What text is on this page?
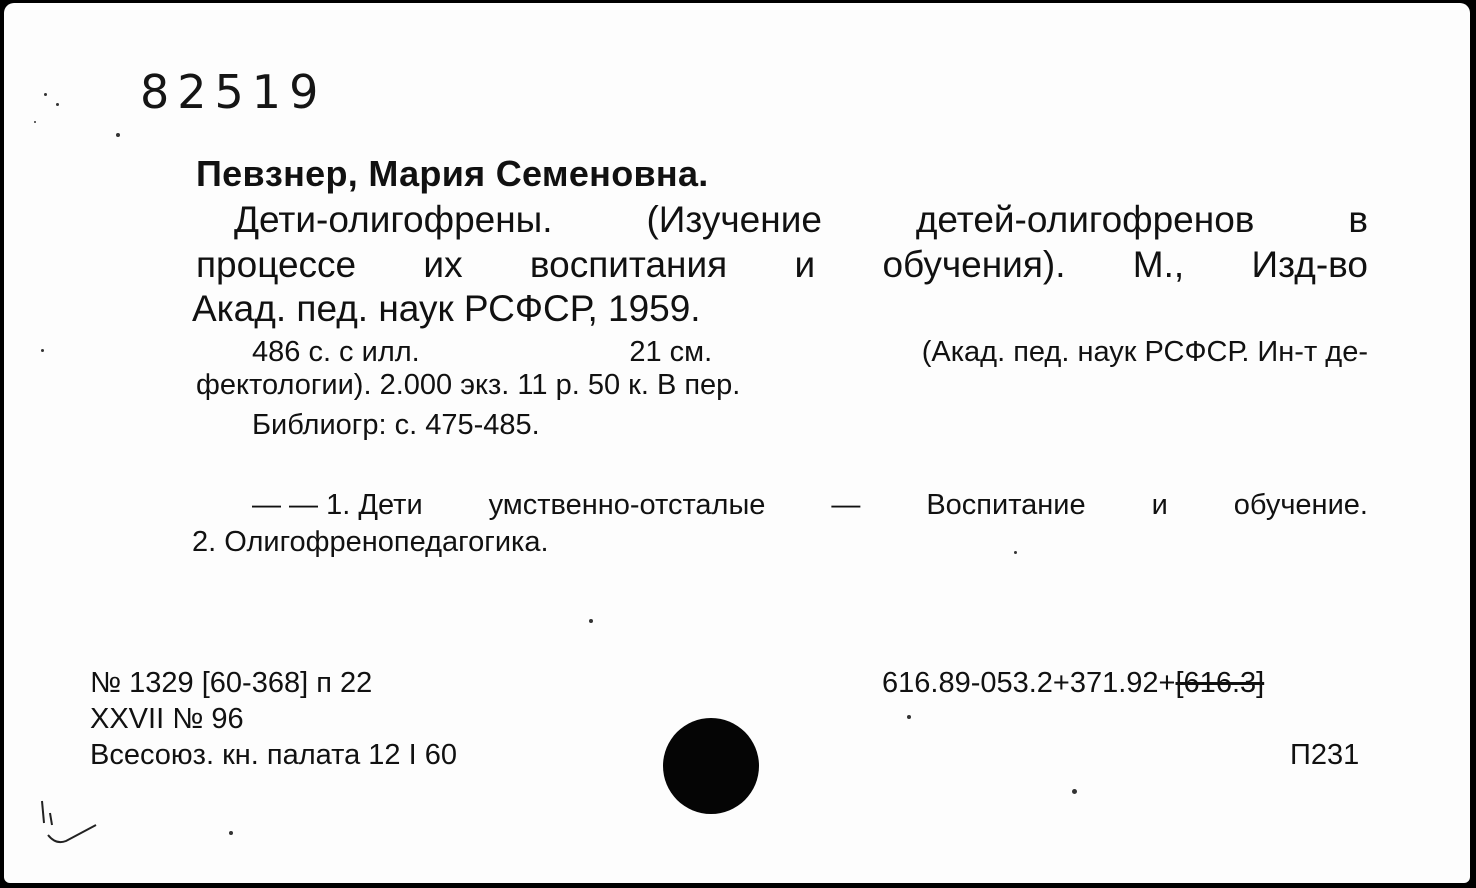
82519
Певзнер, Мария Семеновна.
Дети-олигофрены.	(Изучение	детей-олигофренов	в
процессе их воспитания и обучения). М., Изд-во
Акад. пед. наук РСФСР, 1959.
486 с. с илл.	21 см.	(Акад. пед. наук РСФСР. Ин-т де-
фектологии). 2.000 экз. 11 р. 50 к. В пер.
Библиогр: с. 475-485.
— — 1. Дети умственно-отсталые — Воспитание и обучение.
2. Олигофренопедагогика.
№ 1329 [60-368] п 22
XXVII № 96
Всесоюз. кн. палата 12 I 60
616.89-053.2+371.92+[616.3]
П231
